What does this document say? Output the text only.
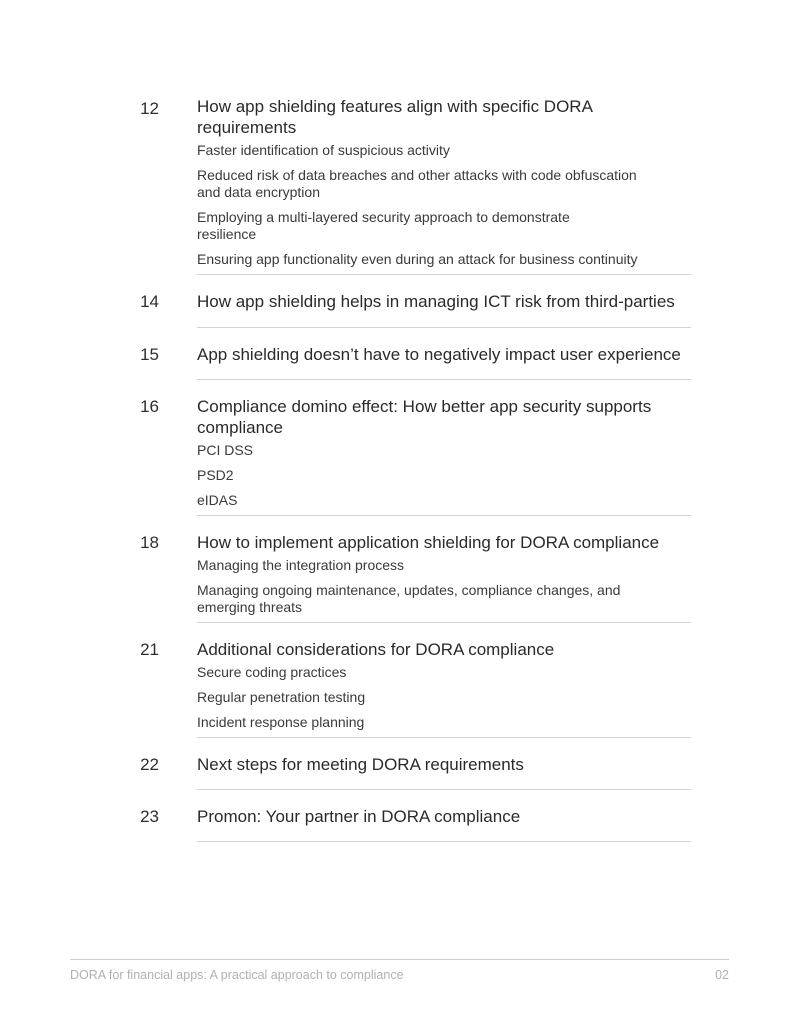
12	How app shielding features align with specific DORA requirements
Faster identification of suspicious activity
Reduced risk of data breaches and other attacks with code obfuscation and data encryption
Employing a multi-layered security approach to demonstrate resilience
Ensuring app functionality even during an attack for business continuity
14	How app shielding helps in managing ICT risk from third-parties
15	App shielding doesn’t have to negatively impact user experience
16	Compliance domino effect: How better app security supports compliance
PCI DSS
PSD2
eIDAS
18	How to implement application shielding for DORA compliance
Managing the integration process
Managing ongoing maintenance, updates, compliance changes, and emerging threats
21	Additional considerations for DORA compliance
Secure coding practices
Regular penetration testing
Incident response planning
22	Next steps for meeting DORA requirements
23	Promon: Your partner in DORA compliance
DORA for financial apps: A practical approach to compliance	02
